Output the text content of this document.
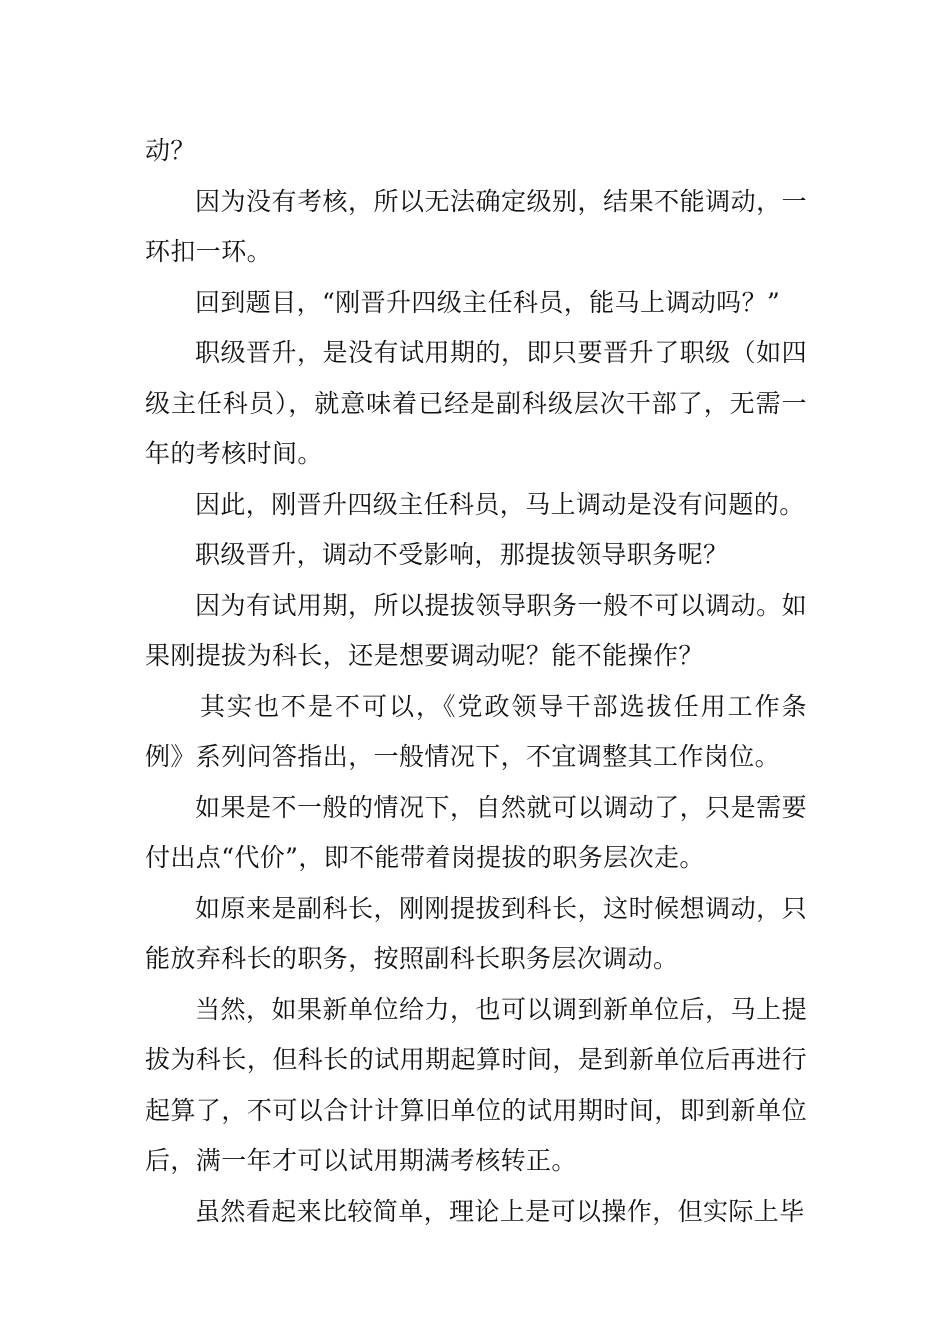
动？

因为没有考核，所以无法确定级别，结果不能调动，一环扣一环。

回到题目，“刚晋升四级主任科员，能马上调动吗？”

职级晋升，是没有试用期的，即只要晋升了职级（如四级主任科员），就意味着已经是副科级层次干部了，无需一年的考核时间。

因此，刚晋升四级主任科员，马上调动是没有问题的。

职级晋升，调动不受影响，那提拔领导职务呢？

因为有试用期，所以提拔领导职务一般不可以调动。如果刚提拔为科长，还是想要调动呢？能不能操作？

其实也不是不可以，《党政领导干部选拔任用工作条例》系列问答指出，一般情况下，不宜调整其工作岗位。

如果是不一般的情况下，自然就可以调动了，只是需要付出点“代价”，即不能带着岗提拔的职务层次走。

如原来是副科长，刚刚提拔到科长，这时候想调动，只能放弃科长的职务，按照副科长职务层次调动。

当然，如果新单位给力，也可以调到新单位后，马上提拔为科长，但科长的试用期起算时间，是到新单位后再进行起算了，不可以合计计算旧单位的试用期时间，即到新单位后，满一年才可以试用期满考核转正。

虽然看起来比较简单，理论上是可以操作，但实际上毕
